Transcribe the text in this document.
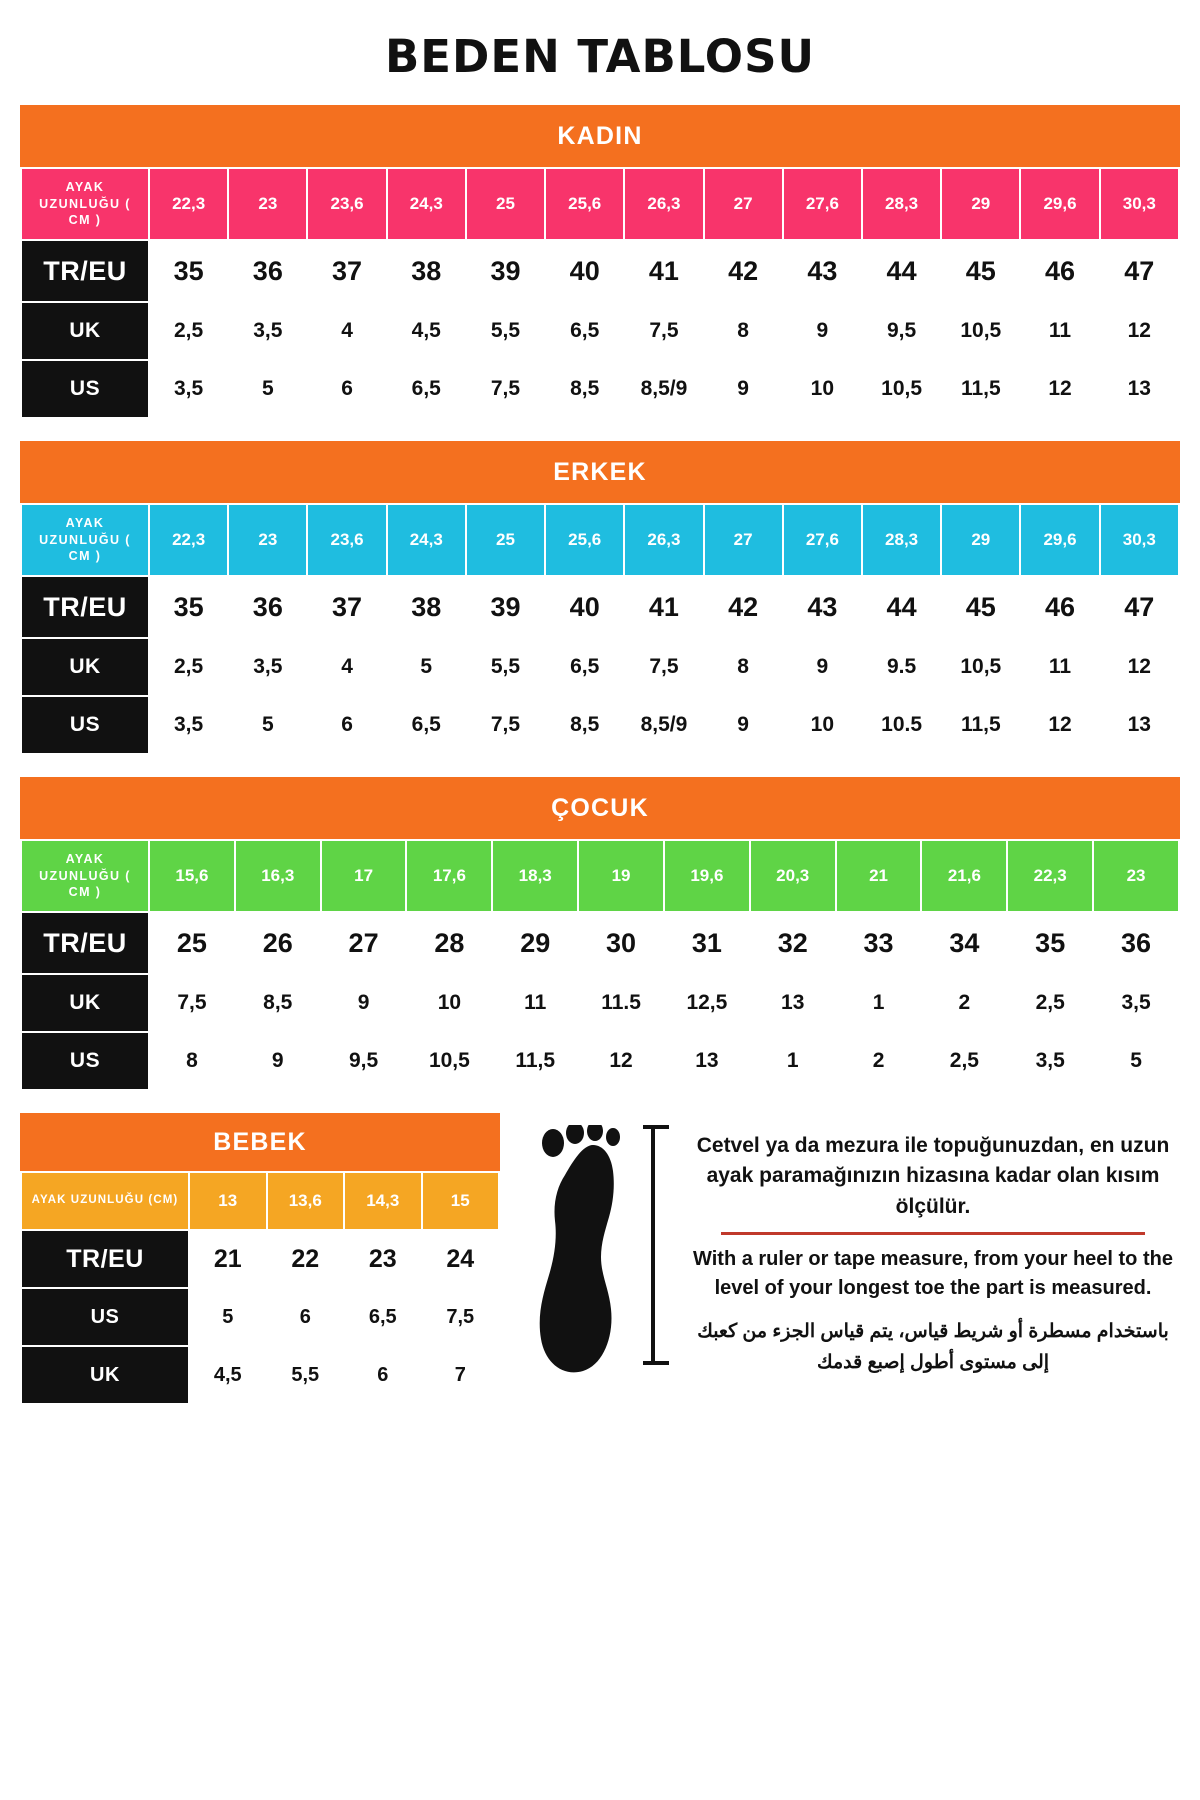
BEDEN TABLOSU
KADIN
AYAK UZUNLUĞU ( CM )	22,3	23	23,6	24,3	25	25,6	26,3	27	27,6	28,3	29	29,6	30,3
TR/EU	35	36	37	38	39	40	41	42	43	44	45	46	47
UK	2,5	3,5	4	4,5	5,5	6,5	7,5	8	9	9,5	10,5	11	12
US	3,5	5	6	6,5	7,5	8,5	8,5/9	9	10	10,5	11,5	12	13
ERKEK
AYAK UZUNLUĞU ( CM )	22,3	23	23,6	24,3	25	25,6	26,3	27	27,6	28,3	29	29,6	30,3
TR/EU	35	36	37	38	39	40	41	42	43	44	45	46	47
UK	2,5	3,5	4	5	5,5	6,5	7,5	8	9	9.5	10,5	11	12
US	3,5	5	6	6,5	7,5	8,5	8,5/9	9	10	10.5	11,5	12	13
ÇOCUK
AYAK UZUNLUĞU ( CM )	15,6	16,3	17	17,6	18,3	19	19,6	20,3	21	21,6	22,3	23
TR/EU	25	26	27	28	29	30	31	32	33	34	35	36
UK	7,5	8,5	9	10	11	11.5	12,5	13	1	2	2,5	3,5
US	8	9	9,5	10,5	11,5	12	13	1	2	2,5	3,5	5
BEBEK
AYAK UZUNLUĞU (CM)	13	13,6	14,3	15
TR/EU	21	22	23	24
US	5	6	6,5	7,5
UK	4,5	5,5	6	7
Cetvel ya da mezura ile topuğunuzdan, en uzun ayak paramağınızın hizasına kadar olan kısım ölçülür.
With a ruler or tape measure, from your heel to the level of your longest toe the part is measured.
باستخدام مسطرة أو شريط قياس، يتم قياس الجزء من كعبك إلى مستوى أطول إصبع قدمك
